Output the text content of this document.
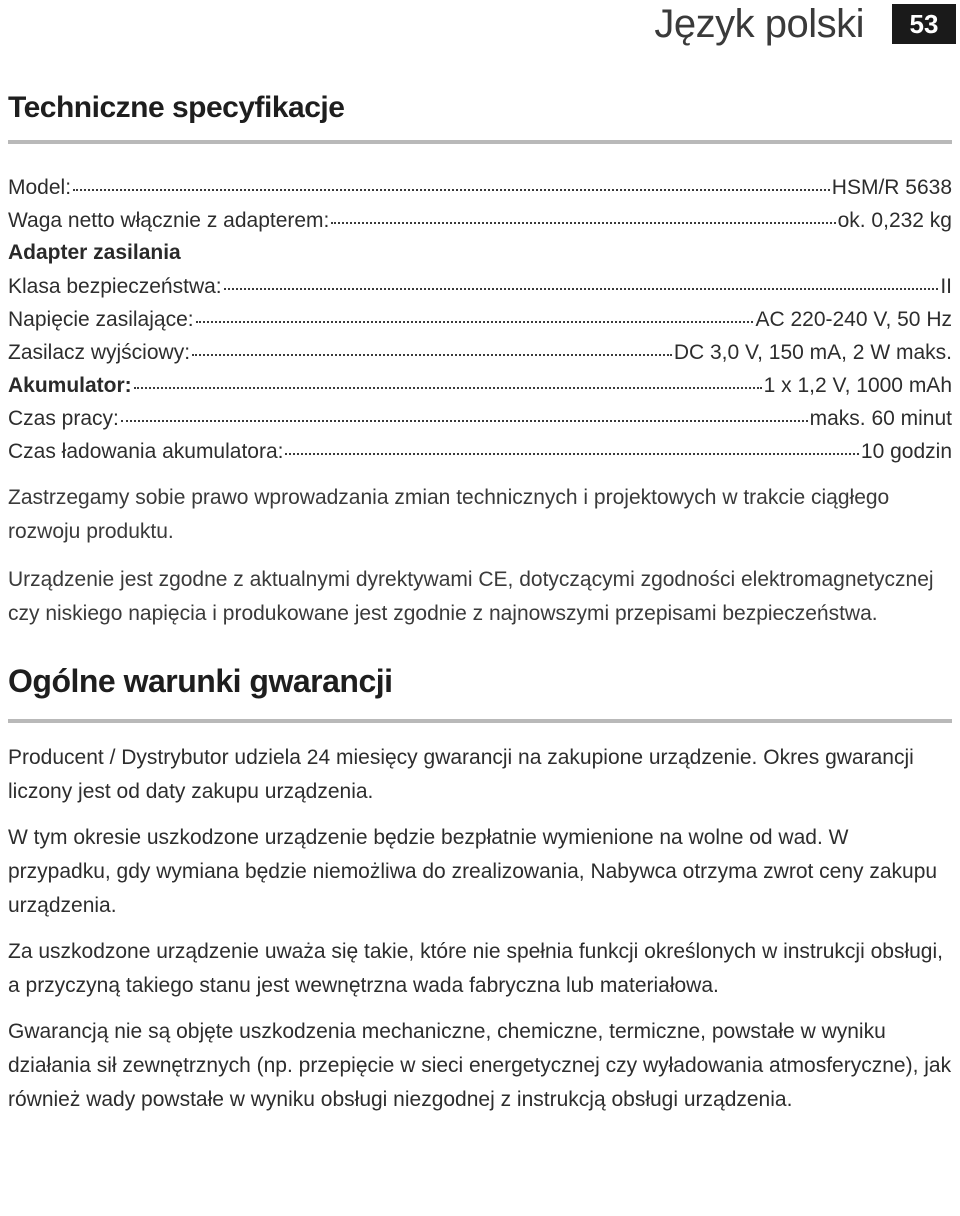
Język polski	53
Techniczne specyfikacje
Model:	HSM/R 5638
Waga netto włącznie z adapterem:	ok. 0,232 kg
Adapter zasilania
Klasa bezpieczeństwa:	II
Napięcie zasilające:	AC 220-240 V, 50 Hz
Zasilacz wyjściowy:	DC 3,0 V, 150 mA, 2 W maks.
Akumulator:	1 x 1,2 V, 1000 mAh
Czas pracy:	maks. 60 minut
Czas ładowania akumulatora:	10 godzin

Zastrzegamy sobie prawo wprowadzania zmian technicznych i projektowych w trakcie ciągłego rozwoju produktu.

Urządzenie jest zgodne z aktualnymi dyrektywami CE, dotyczącymi zgodności elektromagnetycznej czy niskiego napięcia i produkowane jest zgodnie z najnowszymi przepisami bezpieczeństwa.

Ogólne warunki gwarancji

Producent / Dystrybutor udziela 24 miesięcy gwarancji na zakupione urządzenie. Okres gwarancji liczony jest od daty zakupu urządzenia.

W tym okresie uszkodzone urządzenie będzie bezpłatnie wymienione na wolne od wad. W przypadku, gdy wymiana będzie niemożliwa do zrealizowania, Nabywca otrzyma zwrot ceny zakupu urządzenia.

Za uszkodzone urządzenie uważa się takie, które nie spełnia funkcji określonych w instrukcji obsługi, a przyczyną takiego stanu jest wewnętrzna wada fabryczna lub materiałowa.

Gwarancją nie są objęte uszkodzenia mechaniczne, chemiczne, termiczne, powstałe w wyniku działania sił zewnętrznych (np. przepięcie w sieci energetycznej czy wyładowania atmosferyczne), jak również wady powstałe w wyniku obsługi niezgodnej z instrukcją obsługi urządzenia.
